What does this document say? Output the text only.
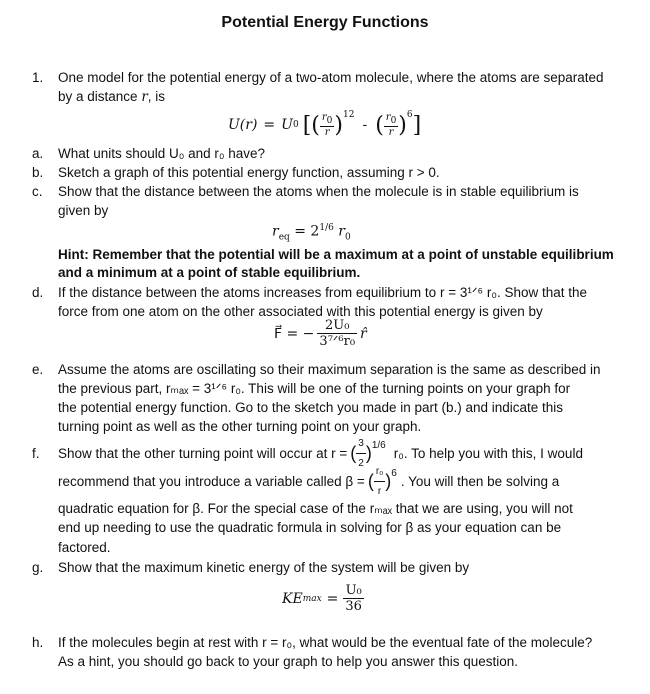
Potential Energy Functions
1. One model for the potential energy of a two-atom molecule, where the atoms are separated
by a distance r, is
U(r) = U 0 [ ( $\frac{r_0}{r} )^{12}$
- ( $\frac{r_0}{r} )^6$ ]
a. What units should U₀ and r₀ have?
b. Sketch a graph of this potential energy function, assuming r > 0.
c. Show that the distance between the atoms when the molecule is in stable equilibrium is
given by
$r_{eq} = 2^{1/6}$ $r_0$
Hint: Remember that the potential will be a maximum at a point of unstable equilibrium
and a minimum at a point of stable equilibrium.
d. If the distance between the atoms increases from equilibrium to r = 3¹ᐟ⁶ r₀. Show that the
force from one atom on the other associated with this potential energy is given by
F⃗ = − $\frac{\text{2U₀}}{\text{3⁷ᐟ⁶r₀}}$ r̂
e. Assume the atoms are oscillating so their maximum separation is the same as described in
the previous part, rₘₐₓ = 3¹ᐟ⁶ r₀. This will be one of the turning points on your graph for
the potential energy function. Go to the sketch you made in part (b.) and indicate this
turning point as well as the other turning point on your graph.
f. Show that the other turning point will occur at r = ( $\frac{3}{2} )^{1/6}$
r₀. To help you with this, I would
recommend that you introduce a variable called β = ( $\frac{\text{r₀}}{r} )^6$
. You will then be solving a
quadratic equation for β. For the special case of the rₘₐₓ that we are using, you will not
end up needing to use the quadratic formula in solving for β as your equation can be
factored.
g. Show that the maximum kinetic energy of the system will be given by
KE $\max = \frac{\text{U₀}}{36}$
h. If the molecules begin at rest with r = r₀, what would be the eventual fate of the molecule?
As a hint, you should go back to your graph to help you answer this question.
